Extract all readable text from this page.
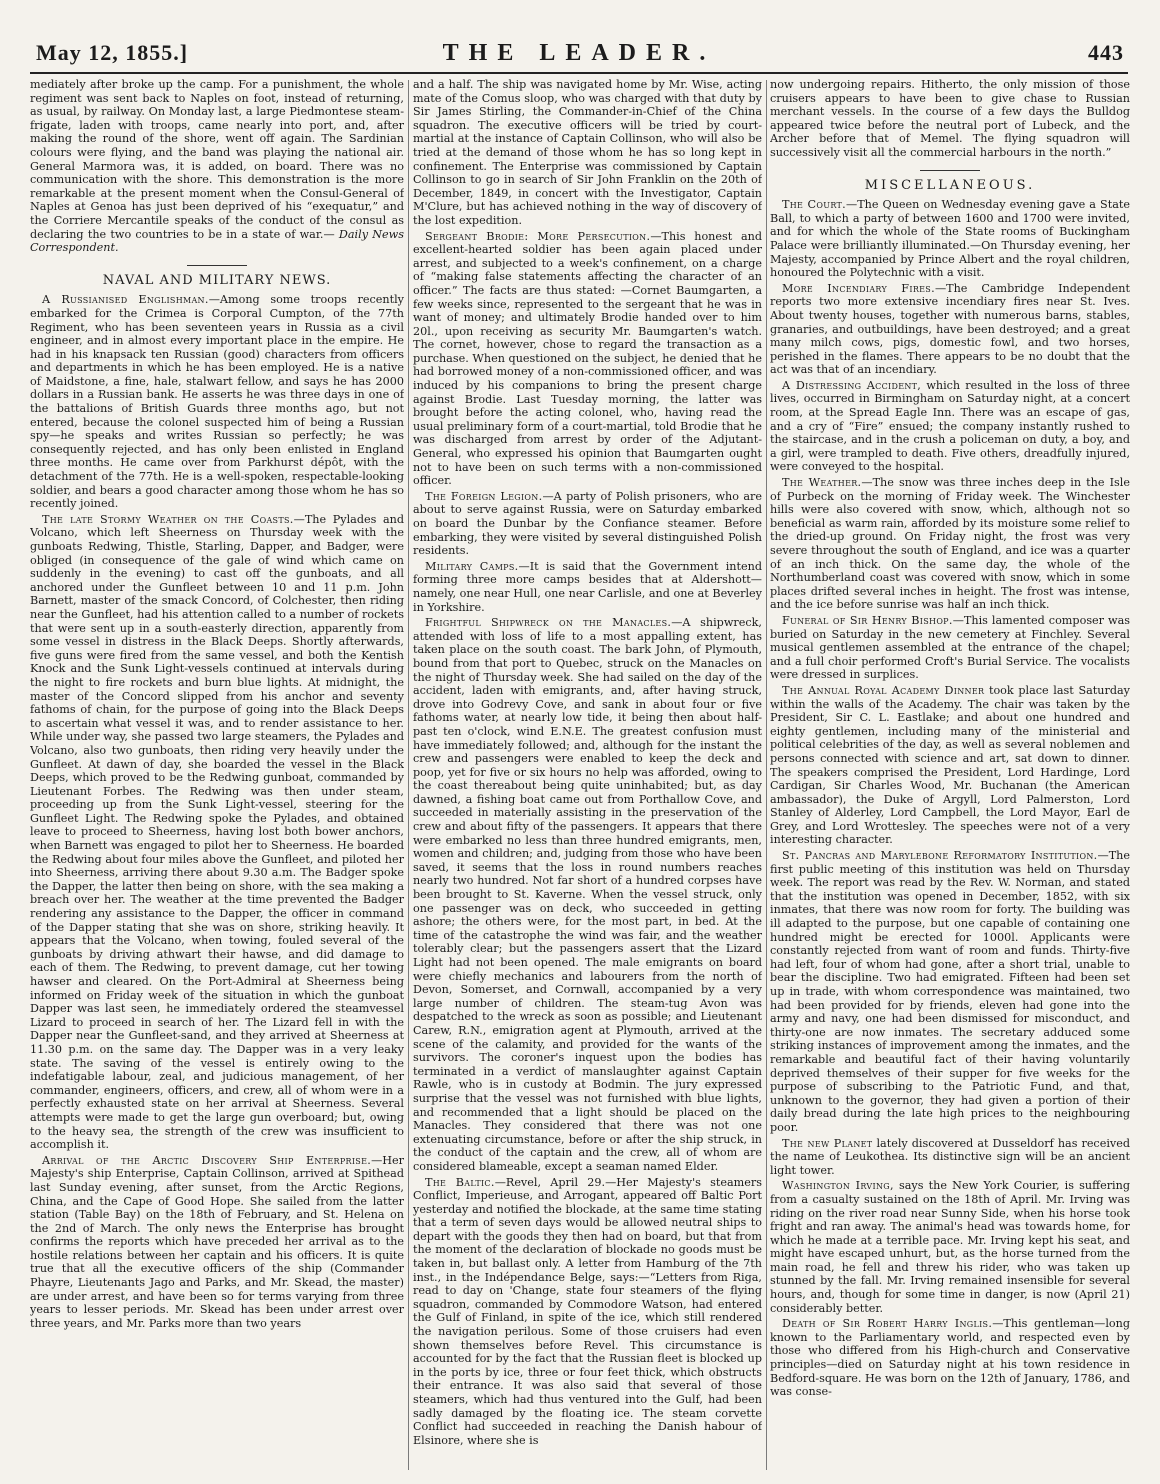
May 12, 1855.]	THE LEADER.	443

mediately after broke up the camp. For a punishment, the whole regiment was sent back to Naples on foot, instead of returning, as usual, by railway. On Monday last, a large Piedmontese steam-frigate, laden with troops, came nearly into port, and, after making the round of the shore, went off again. The Sardinian colours were flying, and the band was playing the national air. General Marmora was, it is added, on board. There was no communication with the shore. This demonstration is the more remarkable at the present moment when the Consul-General of Naples at Genoa has just been deprived of his “exequatur,” and the Corriere Mercantile speaks of the conduct of the consul as declaring the two countries to be in a state of war.— Daily News Correspondent.

NAVAL AND MILITARY NEWS.

A Russianised Englishman.—Among some troops recently embarked for the Crimea is Corporal Cumpton, of the 77th Regiment, who has been seventeen years in Russia as a civil engineer, and in almost every important place in the empire. He had in his knapsack ten Russian (good) characters from officers and departments in which he has been employed. He is a native of Maidstone, a fine, hale, stalwart fellow, and says he has 2000 dollars in a Russian bank. He asserts he was three days in one of the battalions of British Guards three months ago, but not entered, because the colonel suspected him of being a Russian spy—he speaks and writes Russian so perfectly; he was consequently rejected, and has only been enlisted in England three months. He came over from Parkhurst dépôt, with the detachment of the 77th. He is a well-spoken, respectable-looking soldier, and bears a good character among those whom he has so recently joined.

The late Stormy Weather on the Coasts.—The Pylades and Volcano, which left Sheerness on Thursday week with the gunboats Redwing, Thistle, Starling, Dapper, and Badger, were obliged (in consequence of the gale of wind which came on suddenly in the evening) to cast off the gunboats, and all anchored under the Gunfleet between 10 and 11 p.m. John Barnett, master of the smack Concord, of Colchester, then riding near the Gunfleet, had his attention called to a number of rockets that were sent up in a south-easterly direction, apparently from some vessel in distress in the Black Deeps. Shortly afterwards, five guns were fired from the same vessel, and both the Kentish Knock and the Sunk Light-vessels continued at intervals during the night to fire rockets and burn blue lights. At midnight, the master of the Concord slipped from his anchor and seventy fathoms of chain, for the purpose of going into the Black Deeps to ascertain what vessel it was, and to render assistance to her. While under way, she passed two large steamers, the Pylades and Volcano, also two gunboats, then riding very heavily under the Gunfleet. At dawn of day, she boarded the vessel in the Black Deeps, which proved to be the Redwing gunboat, commanded by Lieutenant Forbes. The Redwing was then under steam, proceeding up from the Sunk Light-vessel, steering for the Gunfleet Light. The Redwing spoke the Pylades, and obtained leave to proceed to Sheerness, having lost both bower anchors, when Barnett was engaged to pilot her to Sheerness. He boarded the Redwing about four miles above the Gunfleet, and piloted her into Sheerness, arriving there about 9.30 a.m. The Badger spoke the Dapper, the latter then being on shore, with the sea making a breach over her. The weather at the time prevented the Badger rendering any assistance to the Dapper, the officer in command of the Dapper stating that she was on shore, striking heavily. It appears that the Volcano, when towing, fouled several of the gunboats by driving athwart their hawse, and did damage to each of them. The Redwing, to prevent damage, cut her towing hawser and cleared. On the Port-Admiral at Sheerness being informed on Friday week of the situation in which the gunboat Dapper was last seen, he immediately ordered the steamvessel Lizard to proceed in search of her. The Lizard fell in with the Dapper near the Gunfleet-sand, and they arrived at Sheerness at 11.30 p.m. on the same day. The Dapper was in a very leaky state. The saving of the vessel is entirely owing to the indefatigable labour, zeal, and judicious management, of her commander, engineers, officers, and crew, all of whom were in a perfectly exhausted state on her arrival at Sheerness. Several attempts were made to get the large gun overboard; but, owing to the heavy sea, the strength of the crew was insufficient to accomplish it.

Arrival of the Arctic Discovery Ship Enterprise.—Her Majesty's ship Enterprise, Captain Collinson, arrived at Spithead last Sunday evening, after sunset, from the Arctic Regions, China, and the Cape of Good Hope. She sailed from the latter station (Table Bay) on the 18th of February, and St. Helena on the 2nd of March. The only news the Enterprise has brought confirms the reports which have preceded her arrival as to the hostile relations between her captain and his officers. It is quite true that all the executive officers of the ship (Commander Phayre, Lieutenants Jago and Parks, and Mr. Skead, the master) are under arrest, and have been so for terms varying from three years to lesser periods. Mr. Skead has been under arrest over three years, and Mr. Parks more than two years

and a half. The ship was navigated home by Mr. Wise, acting mate of the Comus sloop, who was charged with that duty by Sir James Stirling, the Commander-in-Chief of the China squadron. The executive officers will be tried by court-martial at the instance of Captain Collinson, who will also be tried at the demand of those whom he has so long kept in confinement. The Enterprise was commissioned by Captain Collinson to go in search of Sir John Franklin on the 20th of December, 1849, in concert with the Investigator, Captain M'Clure, but has achieved nothing in the way of discovery of the lost expedition.

Sergeant Brodie: More Persecution.—This honest and excellent-hearted soldier has been again placed under arrest, and subjected to a week's confinement, on a charge of “making false statements affecting the character of an officer.” The facts are thus stated: —Cornet Baumgarten, a few weeks since, represented to the sergeant that he was in want of money; and ultimately Brodie handed over to him 20l., upon receiving as security Mr. Baumgarten's watch. The cornet, however, chose to regard the transaction as a purchase. When questioned on the subject, he denied that he had borrowed money of a non-commissioned officer, and was induced by his companions to bring the present charge against Brodie. Last Tuesday morning, the latter was brought before the acting colonel, who, having read the usual preliminary form of a court-martial, told Brodie that he was discharged from arrest by order of the Adjutant-General, who expressed his opinion that Baumgarten ought not to have been on such terms with a non-commissioned officer.

The Foreign Legion.—A party of Polish prisoners, who are about to serve against Russia, were on Saturday embarked on board the Dunbar by the Confiance steamer. Before embarking, they were visited by several distinguished Polish residents.

Military Camps.—It is said that the Government intend forming three more camps besides that at Aldershott—namely, one near Hull, one near Carlisle, and one at Beverley in Yorkshire.

Frightful Shipwreck on the Manacles.—A shipwreck, attended with loss of life to a most appalling extent, has taken place on the south coast. The bark John, of Plymouth, bound from that port to Quebec, struck on the Manacles on the night of Thursday week. She had sailed on the day of the accident, laden with emigrants, and, after having struck, drove into Godrevy Cove, and sank in about four or five fathoms water, at nearly low tide, it being then about half-past ten o'clock, wind E.N.E. The greatest confusion must have immediately followed; and, although for the instant the crew and passengers were enabled to keep the deck and poop, yet for five or six hours no help was afforded, owing to the coast thereabout being quite uninhabited; but, as day dawned, a fishing boat came out from Porthallow Cove, and succeeded in materially assisting in the preservation of the crew and about fifty of the passengers. It appears that there were embarked no less than three hundred emigrants, men, women and children; and, judging from those who have been saved, it seems that the loss in round numbers reaches nearly two hundred. Not far short of a hundred corpses have been brought to St. Kaverne. When the vessel struck, only one passenger was on deck, who succeeded in getting ashore; the others were, for the most part, in bed. At the time of the catastrophe the wind was fair, and the weather tolerably clear; but the passengers assert that the Lizard Light had not been opened. The male emigrants on board were chiefly mechanics and labourers from the north of Devon, Somerset, and Cornwall, accompanied by a very large number of children. The steam-tug Avon was despatched to the wreck as soon as possible; and Lieutenant Carew, R.N., emigration agent at Plymouth, arrived at the scene of the calamity, and provided for the wants of the survivors. The coroner's inquest upon the bodies has terminated in a verdict of manslaughter against Captain Rawle, who is in custody at Bodmin. The jury expressed surprise that the vessel was not furnished with blue lights, and recommended that a light should be placed on the Manacles. They considered that there was not one extenuating circumstance, before or after the ship struck, in the conduct of the captain and the crew, all of whom are considered blameable, except a seaman named Elder.

The Baltic.—Revel, April 29.—Her Majesty's steamers Conflict, Imperieuse, and Arrogant, appeared off Baltic Port yesterday and notified the blockade, at the same time stating that a term of seven days would be allowed neutral ships to depart with the goods they then had on board, but that from the moment of the declaration of blockade no goods must be taken in, but ballast only. A letter from Hamburg of the 7th inst., in the Indépendance Belge, says:—“Letters from Riga, read to day on 'Change, state four steamers of the flying squadron, commanded by Commodore Watson, had entered the Gulf of Finland, in spite of the ice, which still rendered the navigation perilous. Some of those cruisers had even shown themselves before Revel. This circumstance is accounted for by the fact that the Russian fleet is blocked up in the ports by ice, three or four feet thick, which obstructs their entrance. It was also said that several of those steamers, which had thus ventured into the Gulf, had been sadly damaged by the floating ice. The steam corvette Conflict had succeeded in reaching the Danish habour of Elsinore, where she is

now undergoing repairs. Hitherto, the only mission of those cruisers appears to have been to give chase to Russian merchant vessels. In the course of a few days the Bulldog appeared twice before the neutral port of Lubeck, and the Archer before that of Memel. The flying squadron will successively visit all the commercial harbours in the north.”

MISCELLANEOUS.

The Court.—The Queen on Wednesday evening gave a State Ball, to which a party of between 1600 and 1700 were invited, and for which the whole of the State rooms of Buckingham Palace were brilliantly illuminated.—On Thursday evening, her Majesty, accompanied by Prince Albert and the royal children, honoured the Polytechnic with a visit.

More Incendiary Fires.—The Cambridge Independent reports two more extensive incendiary fires near St. Ives. About twenty houses, together with numerous barns, stables, granaries, and outbuildings, have been destroyed; and a great many milch cows, pigs, domestic fowl, and two horses, perished in the flames. There appears to be no doubt that the act was that of an incendiary.

A Distressing Accident, which resulted in the loss of three lives, occurred in Birmingham on Saturday night, at a concert room, at the Spread Eagle Inn. There was an escape of gas, and a cry of “Fire” ensued; the company instantly rushed to the staircase, and in the crush a policeman on duty, a boy, and a girl, were trampled to death. Five others, dreadfully injured, were conveyed to the hospital.

The Weather.—The snow was three inches deep in the Isle of Purbeck on the morning of Friday week. The Winchester hills were also covered with snow, which, although not so beneficial as warm rain, afforded by its moisture some relief to the dried-up ground. On Friday night, the frost was very severe throughout the south of England, and ice was a quarter of an inch thick. On the same day, the whole of the Northumberland coast was covered with snow, which in some places drifted several inches in height. The frost was intense, and the ice before sunrise was half an inch thick.

Funeral of Sir Henry Bishop.—This lamented composer was buried on Saturday in the new cemetery at Finchley. Several musical gentlemen assembled at the entrance of the chapel; and a full choir performed Croft's Burial Service. The vocalists were dressed in surplices.

The Annual Royal Academy Dinner took place last Saturday within the walls of the Academy. The chair was taken by the President, Sir C. L. Eastlake; and about one hundred and eighty gentlemen, including many of the ministerial and political celebrities of the day, as well as several noblemen and persons connected with science and art, sat down to dinner. The speakers comprised the President, Lord Hardinge, Lord Cardigan, Sir Charles Wood, Mr. Buchanan (the American ambassador), the Duke of Argyll, Lord Palmerston, Lord Stanley of Alderley, Lord Campbell, the Lord Mayor, Earl de Grey, and Lord Wrottesley. The speeches were not of a very interesting character.

St. Pancras and Marylebone Reformatory Institution.—The first public meeting of this institution was held on Thursday week. The report was read by the Rev. W. Norman, and stated that the institution was opened in December, 1852, with six inmates, that there was now room for forty. The building was ill adapted to the purpose, but one capable of containing one hundred might be erected for 1000l. Applicants were constantly rejected from want of room and funds. Thirty-five had left, four of whom had gone, after a short trial, unable to bear the discipline. Two had emigrated. Fifteen had been set up in trade, with whom correspondence was maintained, two had been provided for by friends, eleven had gone into the army and navy, one had been dismissed for misconduct, and thirty-one are now inmates. The secretary adduced some striking instances of improvement among the inmates, and the remarkable and beautiful fact of their having voluntarily deprived themselves of their supper for five weeks for the purpose of subscribing to the Patriotic Fund, and that, unknown to the governor, they had given a portion of their daily bread during the late high prices to the neighbouring poor.

The new Planet lately discovered at Dusseldorf has received the name of Leukothea. Its distinctive sign will be an ancient light tower.

Washington Irving, says the New York Courier, is suffering from a casualty sustained on the 18th of April. Mr. Irving was riding on the river road near Sunny Side, when his horse took fright and ran away. The animal's head was towards home, for which he made at a terrible pace. Mr. Irving kept his seat, and might have escaped unhurt, but, as the horse turned from the main road, he fell and threw his rider, who was taken up stunned by the fall. Mr. Irving remained insensible for several hours, and, though for some time in danger, is now (April 21) considerably better.

Death of Sir Robert Harry Inglis.—This gentleman—long known to the Parliamentary world, and respected even by those who differed from his High-church and Conservative principles—died on Saturday night at his town residence in Bedford-square. He was born on the 12th of January, 1786, and was conse-
